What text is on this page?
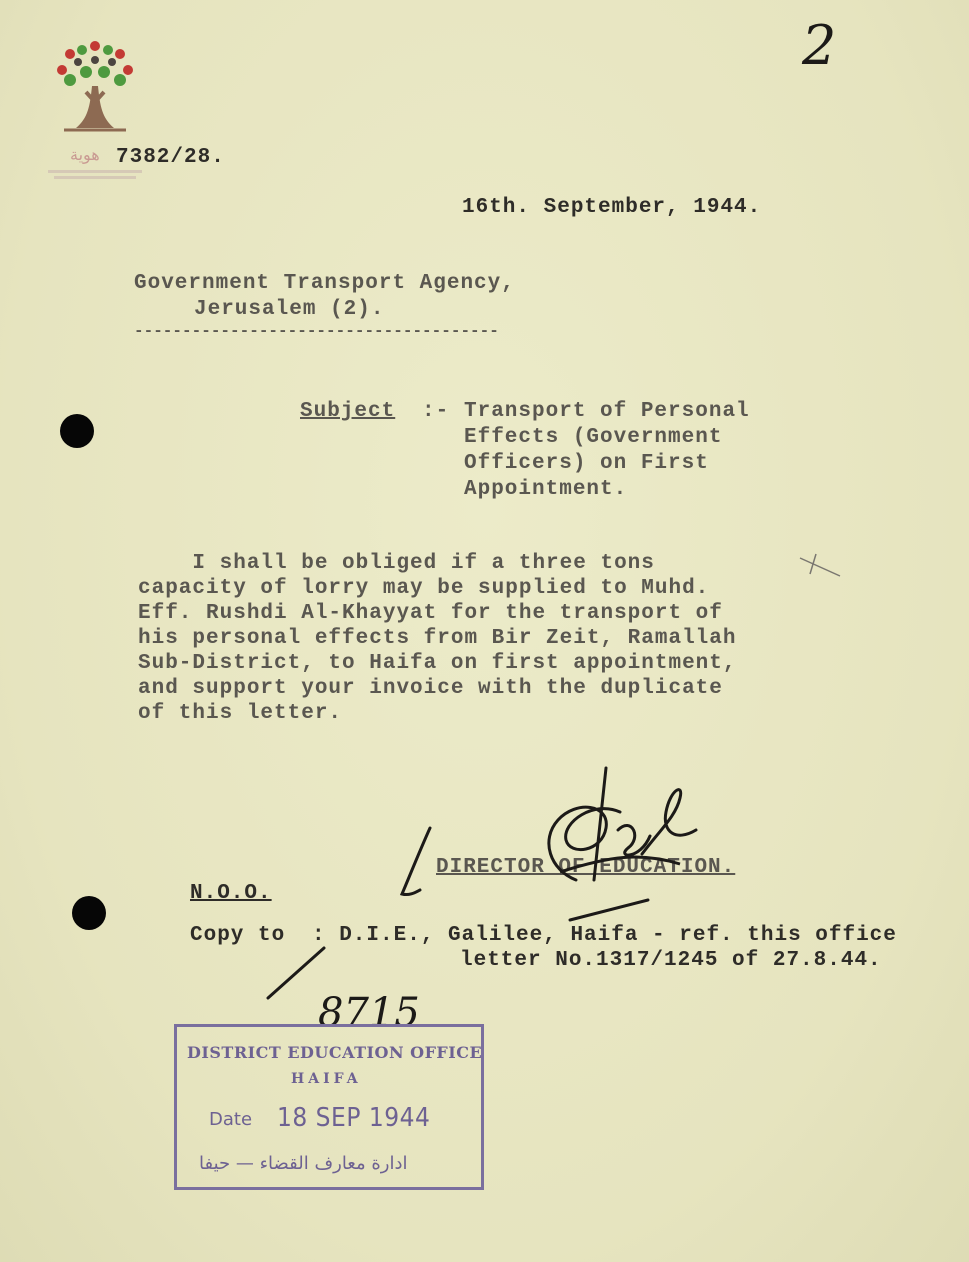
هوية
2
7382/28.
16th. September, 1944.
Government Transport Agency,
Jerusalem (2).
--------------------------------------
Subject :- Transport of Personal
Effects (Government
Officers) on First
Appointment.
I shall be obliged if a three tons
capacity of lorry may be supplied to Muhd.
Eff. Rushdi Al-Khayyat for the transport of
his personal effects from Bir Zeit, Ramallah
Sub-District, to Haifa on first appointment,
and support your invoice with the duplicate
of this letter.
DIRECTOR OF EDUCATION.
N.O.O.
Copy to : D.I.E., Galilee, Haifa - ref. this office
letter No.1317/1245 of 27.8.44.
8715
DISTRICT EDUCATION OFFICE
HAIFA
Date 18 SEP 1944
ادارة معارف القضاء — حيفا
